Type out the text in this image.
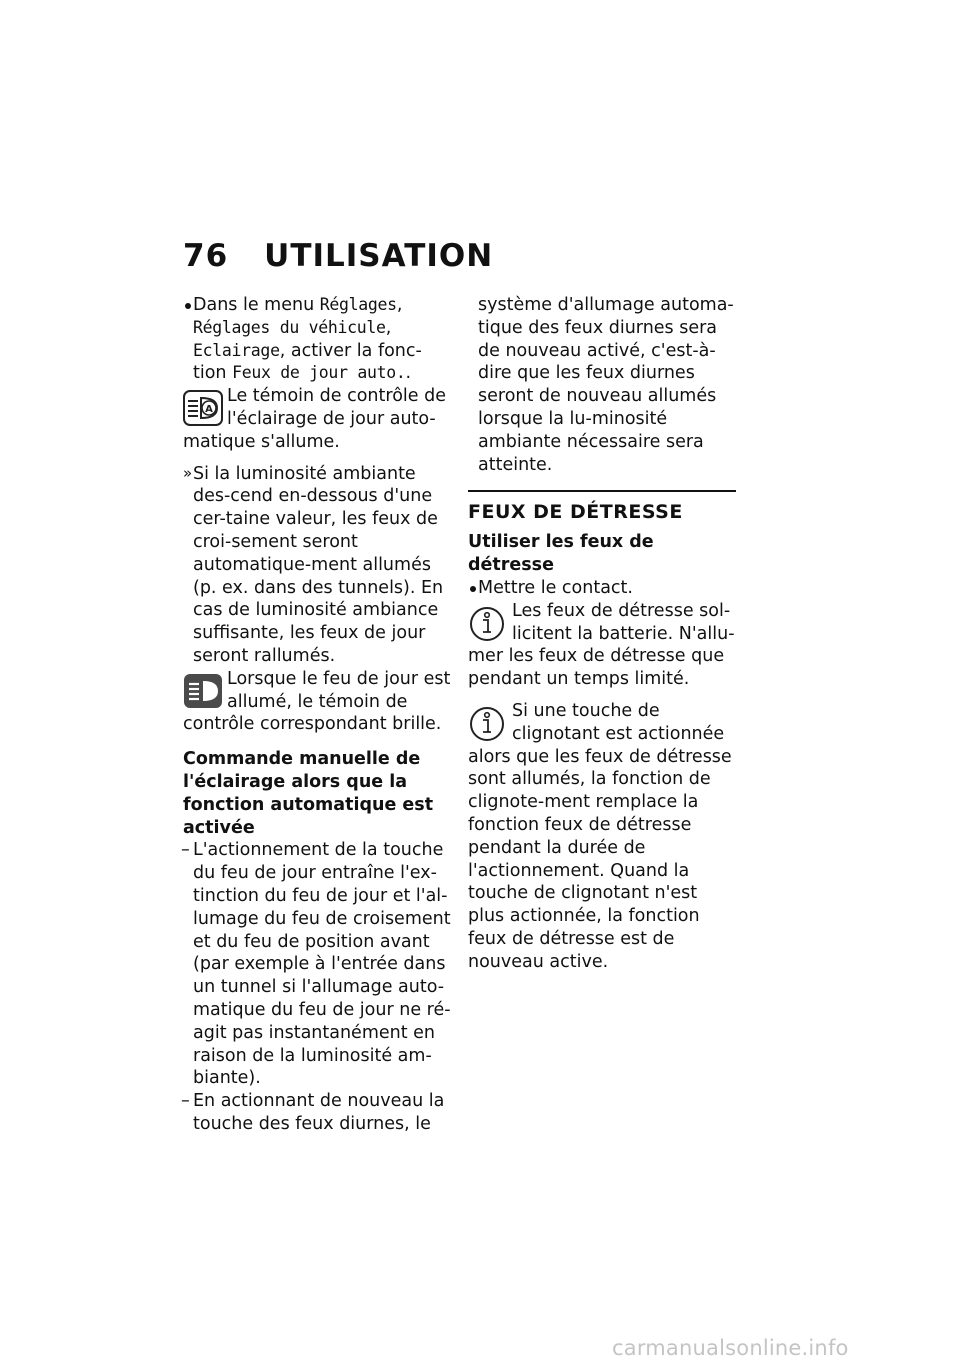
76 UTILISATION

Dans le menu Réglages,
Réglages du véhicule,
Eclairage, activer la fonc-
tion Feux de jour auto..

A

Le témoin de contrôle de l'éclairage de jour auto-matique s'allume.

» Si la luminosité ambiante des-cend en-dessous d'une cer-taine valeur, les feux de croi-sement seront automatique-ment allumés (p. ex. dans des tunnels). En cas de luminosité ambiance suffisante, les feux de jour seront rallumés.

Lorsque le feu de jour est allumé, le témoin de contrôle correspondant brille.

Commande manuelle de l'éclairage alors que la fonction automatique est activée
– L'actionnement de la touche du feu de jour entraîne l'ex-tinction du feu de jour et l'al-lumage du feu de croisement et du feu de position avant (par exemple à l'entrée dans un tunnel si l'allumage auto-matique du feu de jour ne ré-agit pas instantanément en raison de la luminosité am-biante).

– En actionnant de nouveau la touche des feux diurnes, le

système d'allumage automa-tique des feux diurnes sera de nouveau activé, c'est-à-dire que les feux diurnes seront de nouveau allumés lorsque la lu-minosité ambiante nécessaire sera atteinte.

FEUX DE DÉTRESSE
Utiliser les feux de détresse

Mettre le contact.

Les feux de détresse sol-licitent la batterie. N'allu-mer les feux de détresse que pendant un temps limité.

Si une touche de clignotant est actionnée alors que les feux de détresse sont allumés, la fonction de clignote-ment remplace la fonction feux de détresse pendant la durée de l'actionnement. Quand la touche de clignotant n'est plus actionnée, la fonction feux de détresse est de nouveau active.

carmanualsonline.info
